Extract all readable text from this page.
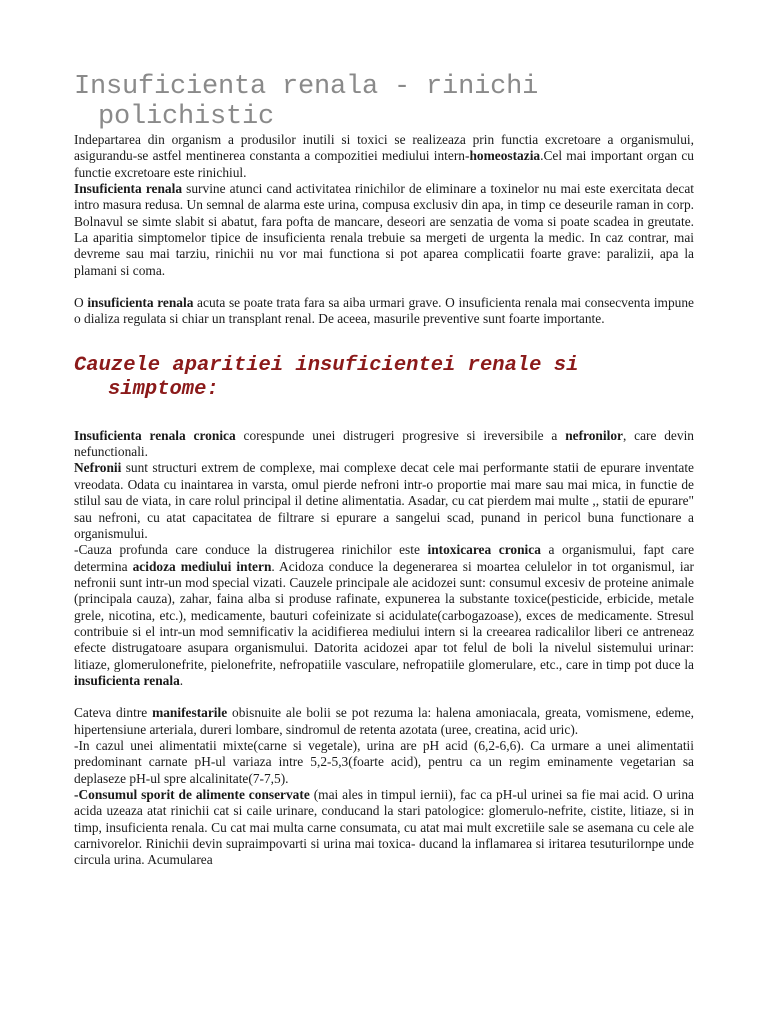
Insuficienta renala - rinichi polichistic

Indepartarea din organism a produsilor inutili si toxici se realizeaza prin functia excretoare a organismului, asigurandu-se astfel mentinerea constanta a compozitiei mediului intern-homeostazia.Cel mai important organ cu functie excretoare este rinichiul.
Insuficienta renala survine atunci cand activitatea rinichilor de eliminare a toxinelor nu mai este exercitata decat intro masura redusa. Un semnal de alarma este urina, compusa exclusiv din apa, in timp ce deseurile raman in corp. Bolnavul se simte slabit si abatut, fara pofta de mancare, deseori are senzatia de voma si poate scadea in greutate. La aparitia simptomelor tipice de insuficienta renala trebuie sa mergeti de urgenta la medic. In caz contrar, mai devreme sau mai tarziu, rinichii nu vor mai functiona si pot aparea complicatii foarte grave: paralizii, apa la plamani si coma.

O insuficienta renala acuta se poate trata fara sa aiba urmari grave. O insuficienta renala mai consecventa impune o dializa regulata si chiar un transplant renal. De aceea, masurile preventive sunt foarte importante.

Cauzele aparitiei insuficientei renale si simptome:

Insuficienta renala cronica corespunde unei distrugeri progresive si ireversibile a nefronilor, care devin nefunctionali.

Nefronii sunt structuri extrem de complexe, mai complexe decat cele mai performante statii de epurare inventate vreodata. Odata cu inaintarea in varsta, omul pierde nefroni intr-o proportie mai mare sau mai mica, in functie de stilul sau de viata, in care rolul principal il detine alimentatia. Asadar, cu cat pierdem mai multe ,, statii de epurare" sau nefroni, cu atat capacitatea de filtrare si epurare a sangelui scad, punand in pericol buna functionare a organismului.

-Cauza profunda care conduce la distrugerea rinichilor este intoxicarea cronica a organismului, fapt care determina acidoza mediului intern. Acidoza conduce la degenerarea si moartea celulelor in tot organismul, iar nefronii sunt intr-un mod special vizati. Cauzele principale ale acidozei sunt: consumul excesiv de proteine animale (principala cauza), zahar, faina alba si produse rafinate, expunerea la substante toxice(pesticide, erbicide, metale grele, nicotina, etc.), medicamente, bauturi cofeinizate si acidulate(carbogazoase), exces de medicamente. Stresul contribuie si el intr-un mod semnificativ la acidifierea mediului intern si la creearea radicalilor liberi ce antreneaz efecte distrugatoare asupara organismului. Datorita acidozei apar tot felul de boli la nivelul sistemului urinar: litiaze, glomerulonefrite, pielonefrite, nefropatiile vasculare, nefropatiile glomerulare, etc., care in timp pot duce la insuficienta renala.

Cateva dintre manifestarile obisnuite ale bolii se pot rezuma la: halena amoniacala, greata, vomismene, edeme, hipertensiune arteriala, dureri lombare, sindromul de retenta azotata (uree, creatina, acid uric).

-In cazul unei alimentatii mixte(carne si vegetale), urina are pH acid (6,2-6,6). Ca urmare a unei alimentatii predominant carnate pH-ul variaza intre 5,2-5,3(foarte acid), pentru ca un regim eminamente vegetarian sa deplaseze pH-ul spre alcalinitate(7-7,5).

-Consumul sporit de alimente conservate (mai ales in timpul iernii), fac ca pH-ul urinei sa fie mai acid. O urina acida uzeaza atat rinichii cat si caile urinare, conducand la stari patologice: glomerulo-nefrite, cistite, litiaze, si in timp, insuficienta renala. Cu cat mai multa carne consumata, cu atat mai mult excretiile sale se asemana cu cele ale carnivorelor. Rinichii devin supraimpovarti si urina mai toxica- ducand la inflamarea si iritarea tesuturilornpe unde circula urina. Acumularea
